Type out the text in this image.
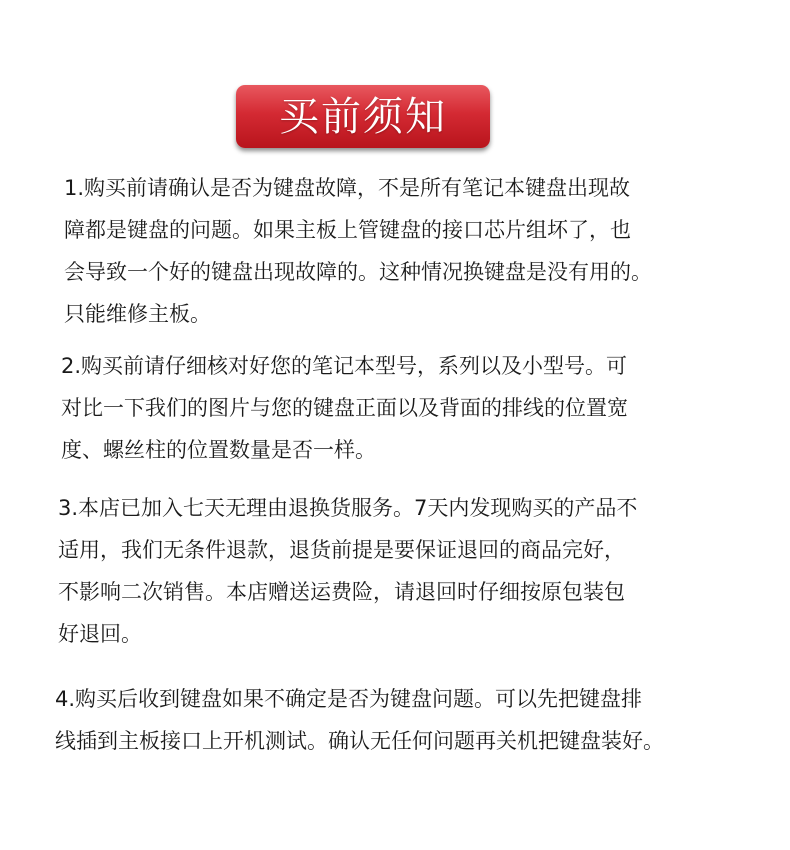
买前须知

1.购买前请确认是否为键盘故障，不是所有笔记本键盘出现故
障都是键盘的问题。如果主板上管键盘的接口芯片组坏了，也
会导致一个好的键盘出现故障的。这种情况换键盘是没有用的。
只能维修主板。

2.购买前请仔细核对好您的笔记本型号，系列以及小型号。可
对比一下我们的图片与您的键盘正面以及背面的排线的位置宽
度、螺丝柱的位置数量是否一样。

3.本店已加入七天无理由退换货服务。7天内发现购买的产品不
适用，我们无条件退款，退货前提是要保证退回的商品完好，
不影响二次销售。本店赠送运费险，请退回时仔细按原包装包
好退回。

4.购买后收到键盘如果不确定是否为键盘问题。可以先把键盘排
线插到主板接口上开机测试。确认无任何问题再关机把键盘装好。
